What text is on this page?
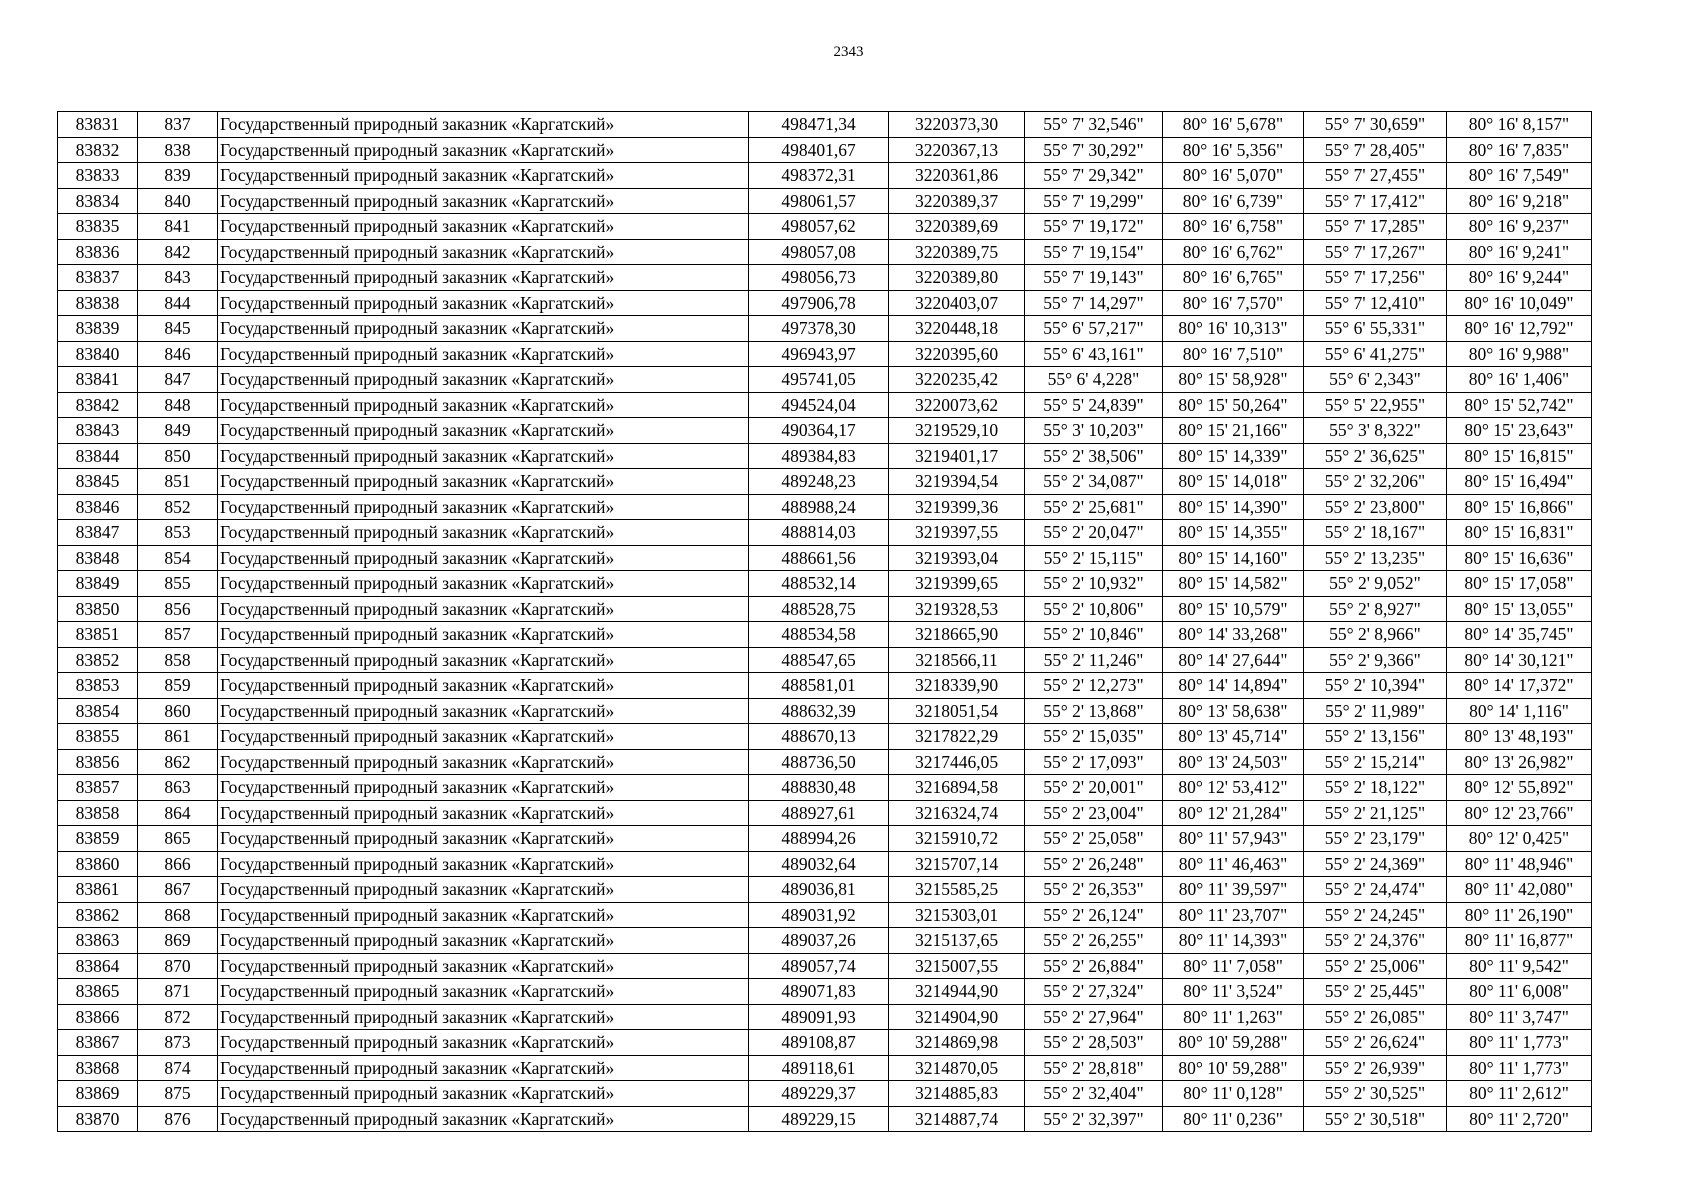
2343
83831	837	Государственный природный заказник «Каргатский»	498471,34	3220373,30	55° 7' 32,546"	80° 16' 5,678"	55° 7' 30,659"	80° 16' 8,157"
83832	838	Государственный природный заказник «Каргатский»	498401,67	3220367,13	55° 7' 30,292"	80° 16' 5,356"	55° 7' 28,405"	80° 16' 7,835"
83833	839	Государственный природный заказник «Каргатский»	498372,31	3220361,86	55° 7' 29,342"	80° 16' 5,070"	55° 7' 27,455"	80° 16' 7,549"
83834	840	Государственный природный заказник «Каргатский»	498061,57	3220389,37	55° 7' 19,299"	80° 16' 6,739"	55° 7' 17,412"	80° 16' 9,218"
83835	841	Государственный природный заказник «Каргатский»	498057,62	3220389,69	55° 7' 19,172"	80° 16' 6,758"	55° 7' 17,285"	80° 16' 9,237"
83836	842	Государственный природный заказник «Каргатский»	498057,08	3220389,75	55° 7' 19,154"	80° 16' 6,762"	55° 7' 17,267"	80° 16' 9,241"
83837	843	Государственный природный заказник «Каргатский»	498056,73	3220389,80	55° 7' 19,143"	80° 16' 6,765"	55° 7' 17,256"	80° 16' 9,244"
83838	844	Государственный природный заказник «Каргатский»	497906,78	3220403,07	55° 7' 14,297"	80° 16' 7,570"	55° 7' 12,410"	80° 16' 10,049"
83839	845	Государственный природный заказник «Каргатский»	497378,30	3220448,18	55° 6' 57,217"	80° 16' 10,313"	55° 6' 55,331"	80° 16' 12,792"
83840	846	Государственный природный заказник «Каргатский»	496943,97	3220395,60	55° 6' 43,161"	80° 16' 7,510"	55° 6' 41,275"	80° 16' 9,988"
83841	847	Государственный природный заказник «Каргатский»	495741,05	3220235,42	55° 6' 4,228"	80° 15' 58,928"	55° 6' 2,343"	80° 16' 1,406"
83842	848	Государственный природный заказник «Каргатский»	494524,04	3220073,62	55° 5' 24,839"	80° 15' 50,264"	55° 5' 22,955"	80° 15' 52,742"
83843	849	Государственный природный заказник «Каргатский»	490364,17	3219529,10	55° 3' 10,203"	80° 15' 21,166"	55° 3' 8,322"	80° 15' 23,643"
83844	850	Государственный природный заказник «Каргатский»	489384,83	3219401,17	55° 2' 38,506"	80° 15' 14,339"	55° 2' 36,625"	80° 15' 16,815"
83845	851	Государственный природный заказник «Каргатский»	489248,23	3219394,54	55° 2' 34,087"	80° 15' 14,018"	55° 2' 32,206"	80° 15' 16,494"
83846	852	Государственный природный заказник «Каргатский»	488988,24	3219399,36	55° 2' 25,681"	80° 15' 14,390"	55° 2' 23,800"	80° 15' 16,866"
83847	853	Государственный природный заказник «Каргатский»	488814,03	3219397,55	55° 2' 20,047"	80° 15' 14,355"	55° 2' 18,167"	80° 15' 16,831"
83848	854	Государственный природный заказник «Каргатский»	488661,56	3219393,04	55° 2' 15,115"	80° 15' 14,160"	55° 2' 13,235"	80° 15' 16,636"
83849	855	Государственный природный заказник «Каргатский»	488532,14	3219399,65	55° 2' 10,932"	80° 15' 14,582"	55° 2' 9,052"	80° 15' 17,058"
83850	856	Государственный природный заказник «Каргатский»	488528,75	3219328,53	55° 2' 10,806"	80° 15' 10,579"	55° 2' 8,927"	80° 15' 13,055"
83851	857	Государственный природный заказник «Каргатский»	488534,58	3218665,90	55° 2' 10,846"	80° 14' 33,268"	55° 2' 8,966"	80° 14' 35,745"
83852	858	Государственный природный заказник «Каргатский»	488547,65	3218566,11	55° 2' 11,246"	80° 14' 27,644"	55° 2' 9,366"	80° 14' 30,121"
83853	859	Государственный природный заказник «Каргатский»	488581,01	3218339,90	55° 2' 12,273"	80° 14' 14,894"	55° 2' 10,394"	80° 14' 17,372"
83854	860	Государственный природный заказник «Каргатский»	488632,39	3218051,54	55° 2' 13,868"	80° 13' 58,638"	55° 2' 11,989"	80° 14' 1,116"
83855	861	Государственный природный заказник «Каргатский»	488670,13	3217822,29	55° 2' 15,035"	80° 13' 45,714"	55° 2' 13,156"	80° 13' 48,193"
83856	862	Государственный природный заказник «Каргатский»	488736,50	3217446,05	55° 2' 17,093"	80° 13' 24,503"	55° 2' 15,214"	80° 13' 26,982"
83857	863	Государственный природный заказник «Каргатский»	488830,48	3216894,58	55° 2' 20,001"	80° 12' 53,412"	55° 2' 18,122"	80° 12' 55,892"
83858	864	Государственный природный заказник «Каргатский»	488927,61	3216324,74	55° 2' 23,004"	80° 12' 21,284"	55° 2' 21,125"	80° 12' 23,766"
83859	865	Государственный природный заказник «Каргатский»	488994,26	3215910,72	55° 2' 25,058"	80° 11' 57,943"	55° 2' 23,179"	80° 12' 0,425"
83860	866	Государственный природный заказник «Каргатский»	489032,64	3215707,14	55° 2' 26,248"	80° 11' 46,463"	55° 2' 24,369"	80° 11' 48,946"
83861	867	Государственный природный заказник «Каргатский»	489036,81	3215585,25	55° 2' 26,353"	80° 11' 39,597"	55° 2' 24,474"	80° 11' 42,080"
83862	868	Государственный природный заказник «Каргатский»	489031,92	3215303,01	55° 2' 26,124"	80° 11' 23,707"	55° 2' 24,245"	80° 11' 26,190"
83863	869	Государственный природный заказник «Каргатский»	489037,26	3215137,65	55° 2' 26,255"	80° 11' 14,393"	55° 2' 24,376"	80° 11' 16,877"
83864	870	Государственный природный заказник «Каргатский»	489057,74	3215007,55	55° 2' 26,884"	80° 11' 7,058"	55° 2' 25,006"	80° 11' 9,542"
83865	871	Государственный природный заказник «Каргатский»	489071,83	3214944,90	55° 2' 27,324"	80° 11' 3,524"	55° 2' 25,445"	80° 11' 6,008"
83866	872	Государственный природный заказник «Каргатский»	489091,93	3214904,90	55° 2' 27,964"	80° 11' 1,263"	55° 2' 26,085"	80° 11' 3,747"
83867	873	Государственный природный заказник «Каргатский»	489108,87	3214869,98	55° 2' 28,503"	80° 10' 59,288"	55° 2' 26,624"	80° 11' 1,773"
83868	874	Государственный природный заказник «Каргатский»	489118,61	3214870,05	55° 2' 28,818"	80° 10' 59,288"	55° 2' 26,939"	80° 11' 1,773"
83869	875	Государственный природный заказник «Каргатский»	489229,37	3214885,83	55° 2' 32,404"	80° 11' 0,128"	55° 2' 30,525"	80° 11' 2,612"
83870	876	Государственный природный заказник «Каргатский»	489229,15	3214887,74	55° 2' 32,397"	80° 11' 0,236"	55° 2' 30,518"	80° 11' 2,720"
